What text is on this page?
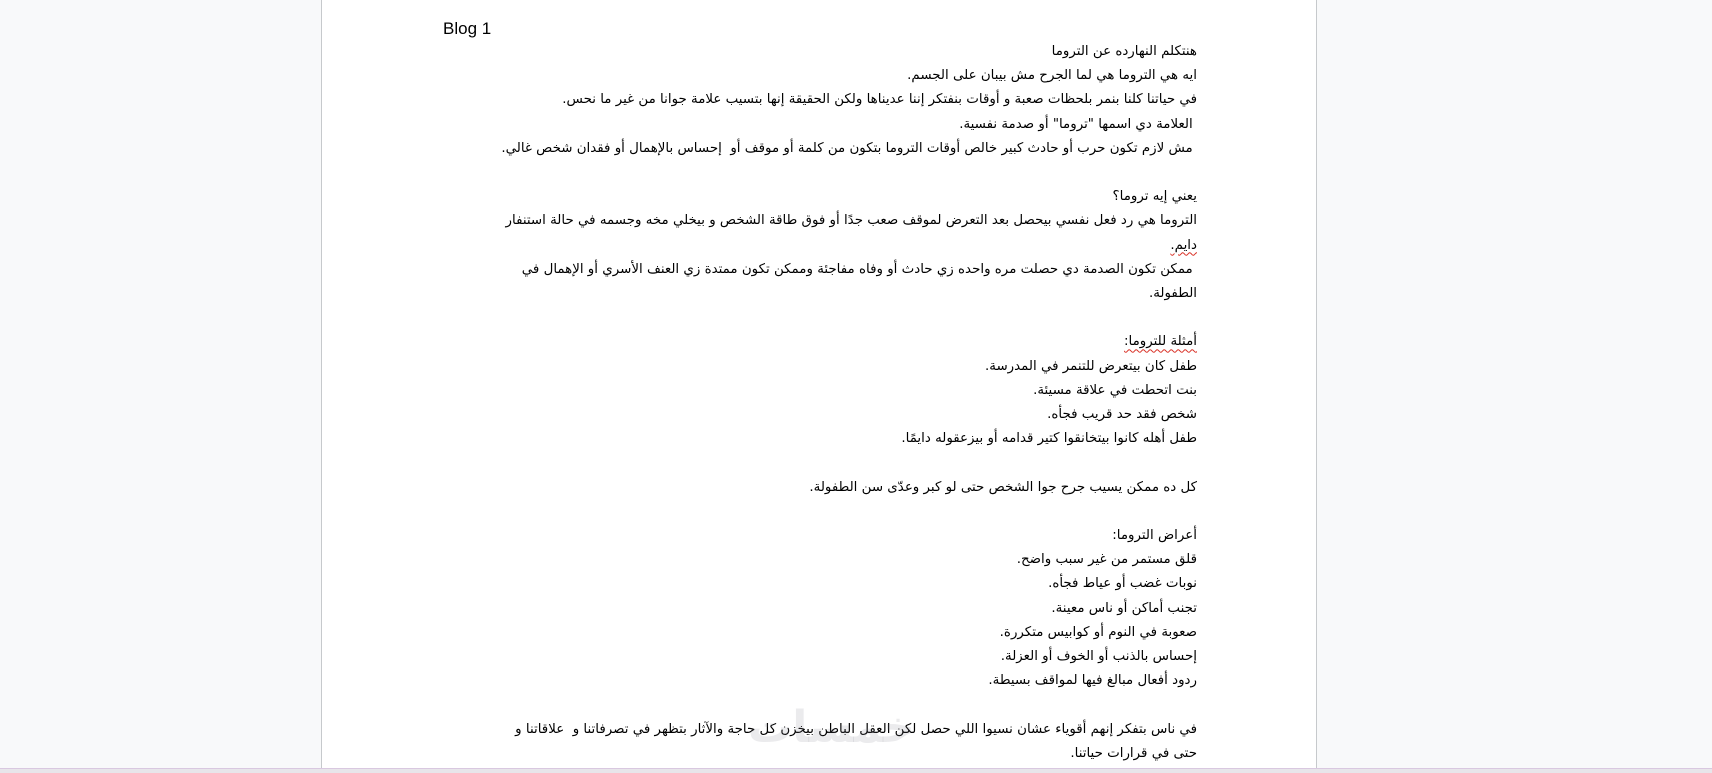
Blog 1

هنتكلم النهارده عن التروما

ايه هي التروما هي لما الجرح مش بيبان على الجسم.

في حياتنا كلنا بنمر بلحظات صعبة و أوقات بنفتكر إننا عديناها ولكن الحقيقة إنها بتسيب علامة جوانا من غير ما نحس.

العلامة دي اسمها "تروما" أو صدمة نفسية.

مش لازم تكون حرب أو حادث كبير خالص أوقات التروما بتكون من كلمة أو موقف أو  إحساس بالإهمال أو فقدان شخص غالي.

يعني إيه تروما؟

التروما هي رد فعل نفسي بيحصل بعد التعرض لموقف صعب جدًا أو فوق طاقة الشخص و بيخلي مخه وجسمه في حالة استنفار

دايم.

ممكن تكون الصدمة دي حصلت مره واحده زي حادث أو وفاه مفاجئة وممكن تكون ممتدة زي العنف الأسري أو الإهمال في

الطفولة.

أمثلة للتروما:

طفل كان بيتعرض للتنمر في المدرسة.

بنت اتحطت في علاقة مسيئة.

شخص فقد حد قريب فجأه.

طفل أهله كانوا بيتخانقوا كتير قدامه أو بيزعقوله دايمًا.

كل ده ممكن يسيب جرح جوا الشخص حتى لو كبر وعدّى سن الطفولة.

أعراض التروما:

قلق مستمر من غير سبب واضح.

نوبات غضب أو عياط فجأه.

تجنب أماكن أو ناس معينة.

صعوبة في النوم أو كوابيس متكررة.

إحساس بالذنب أو الخوف أو العزلة.

ردود أفعال مبالغ فيها لمواقف بسيطة.

في ناس بتفكر إنهم أقوياء عشان نسيوا اللي حصل لكن العقل الباطن بيخزن كل حاجة والآثار بتظهر في تصرفاتنا و  علاقاتنا و

حتى في قرارات حياتنا.

خمسات
